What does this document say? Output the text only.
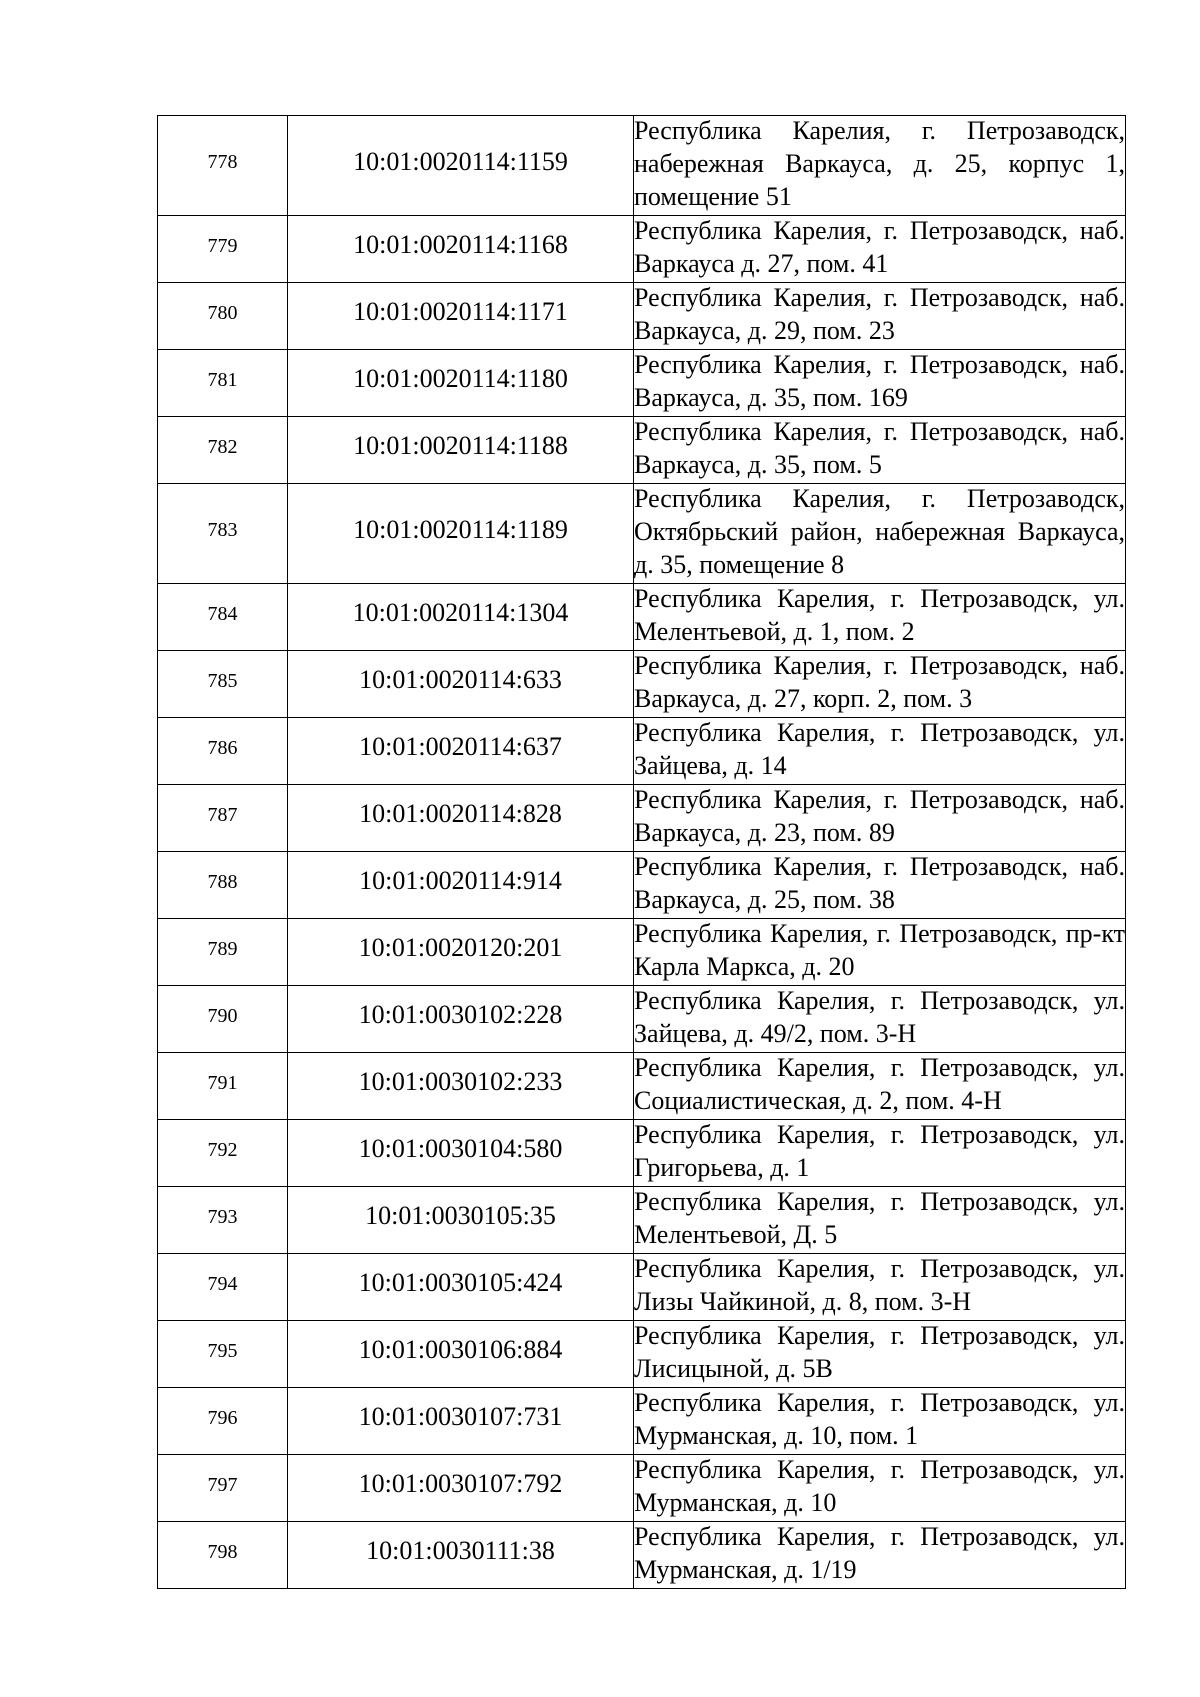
778	10:01:0020114:1159	Республика Карелия, г. Петрозаводск, набережная Варкауса, д. 25, корпус 1, помещение 51

779	10:01:0020114:1168	Республика Карелия, г. Петрозаводск, наб. Варкауса д. 27, пом. 41

780	10:01:0020114:1171	Республика Карелия, г. Петрозаводск, наб. Варкауса, д. 29, пом. 23

781	10:01:0020114:1180	Республика Карелия, г. Петрозаводск, наб. Варкауса, д. 35, пом. 169

782	10:01:0020114:1188	Республика Карелия, г. Петрозаводск, наб. Варкауса, д. 35, пом. 5

783	10:01:0020114:1189	Республика Карелия, г. Петрозаводск, Октябрьский район, набережная Варкауса, д. 35, помещение 8

784	10:01:0020114:1304	Республика Карелия, г. Петрозаводск, ул. Мелентьевой, д. 1, пом. 2

785	10:01:0020114:633	Республика Карелия, г. Петрозаводск, наб. Варкауса, д. 27, корп. 2, пом. 3

786	10:01:0020114:637	Республика Карелия, г. Петрозаводск, ул. Зайцева, д. 14

787	10:01:0020114:828	Республика Карелия, г. Петрозаводск, наб. Варкауса, д. 23, пом. 89

788	10:01:0020114:914	Республика Карелия, г. Петрозаводск, наб. Варкауса, д. 25, пом. 38

789	10:01:0020120:201	Республика Карелия, г. Петрозаводск, пр-кт Карла Маркса, д. 20

790	10:01:0030102:228	Республика Карелия, г. Петрозаводск, ул. Зайцева, д. 49/2, пом. 3-Н

791	10:01:0030102:233	Республика Карелия, г. Петрозаводск, ул. Социалистическая, д. 2, пом. 4-Н

792	10:01:0030104:580	Республика Карелия, г. Петрозаводск, ул. Григорьева, д. 1

793	10:01:0030105:35	Республика Карелия, г. Петрозаводск, ул. Мелентьевой, Д. 5

794	10:01:0030105:424	Республика Карелия, г. Петрозаводск, ул. Лизы Чайкиной, д. 8, пом. 3-Н

795	10:01:0030106:884	Республика Карелия, г. Петрозаводск, ул. Лисицыной, д. 5В

796	10:01:0030107:731	Республика Карелия, г. Петрозаводск, ул. Мурманская, д. 10, пом. 1

797	10:01:0030107:792	Республика Карелия, г. Петрозаводск, ул. Мурманская, д. 10

798	10:01:0030111:38	Республика Карелия, г. Петрозаводск, ул. Мурманская, д. 1/19
